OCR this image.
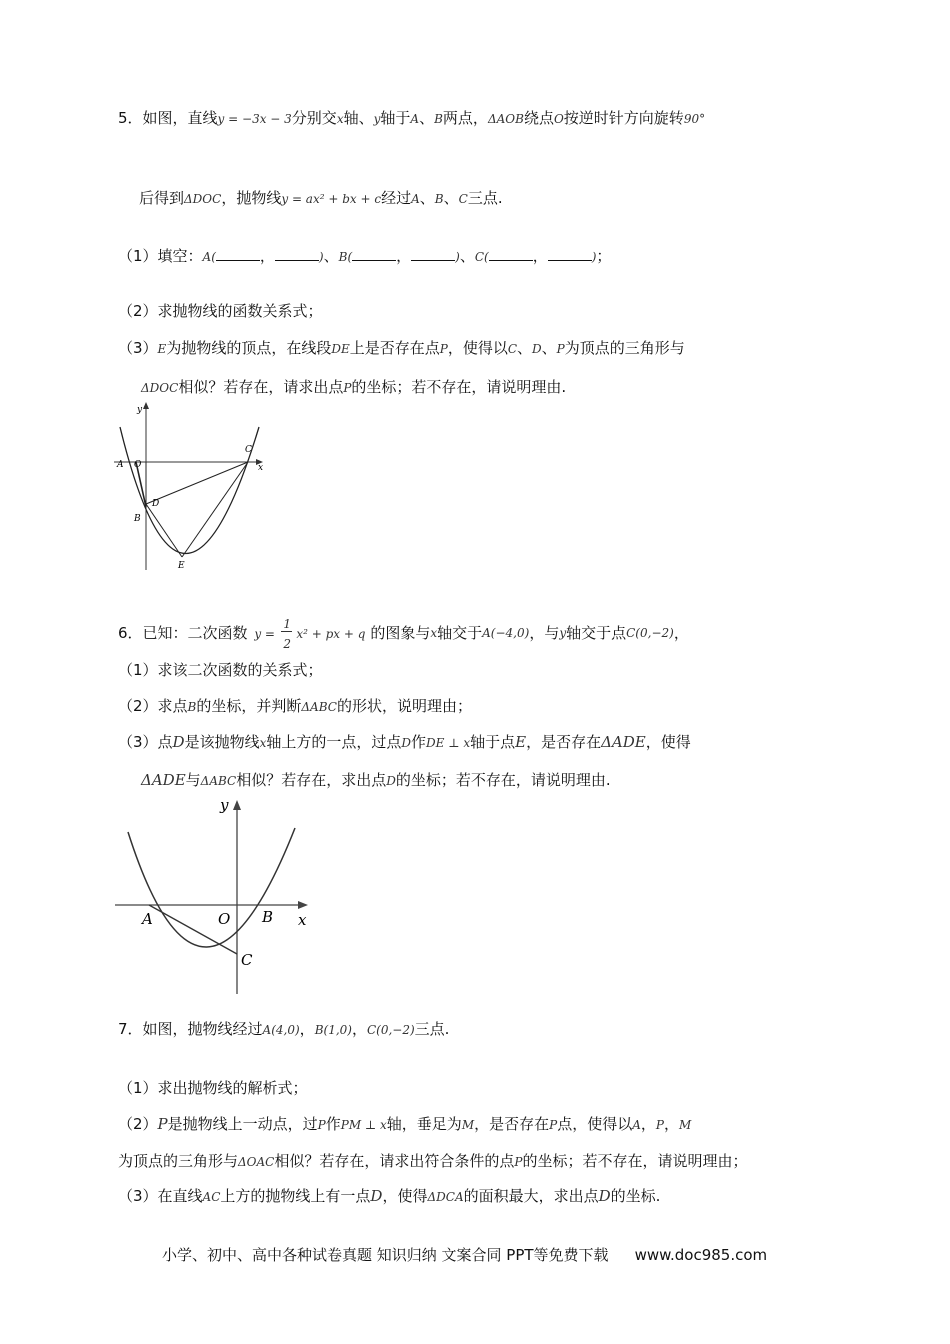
5．如图，直线y = −3x − 3分别交x轴、y轴于A、B两点，ΔAOB绕点O按逆时针方向旋转90°
后得到ΔDOC，抛物线y = ax² + bx + c经过A、B、C三点.
（1）填空：A(	，	)、B(	，	)、C(	，	)；
（2）求抛物线的函数关系式；
（3）E为抛物线的顶点，在线段DE上是否存在点P，使得以C、D、P为顶点的三角形与
ΔDOC相似？若存在，请求出点P的坐标；若不存在，请说明理由.
y
x
A O
C
D
B
E
6．已知：二次函数 y =
1
2
x² + px + q 的图象与$^x$轴交于$^{A(-4,0)}$，与$^y$轴交于点$^{C(0,-2)}$，
（1）求该二次函数的关系式；
（2）求点B的坐标，并判断ΔABC的形状，说明理由；
（3）点D是该抛物线x轴上方的一点，过点D作DE ⊥ x轴于点E，是否存在ΔADE，使得
ΔADE与ΔABC相似？若存在，求出点D的坐标；若不存在，请说明理由.
y
x
A	O B
C
7．如图，抛物线经过A(4,0)，B(1,0)，C(0,−2)三点.
（1）求出抛物线的解析式；
（2）P是抛物线上一动点，过P作PM ⊥ x轴，垂足为M，是否存在P点，使得以A，P，M
为顶点的三角形与ΔOAC相似？若存在，请求出符合条件的点P的坐标；若不存在，请说明理由；
（3）在直线AC上方的抛物线上有一点D，使得ΔDCA的面积最大，求出点D的坐标.
小学、初中、高中各种试卷真题 知识归纳 文案合同 PPT等免费下载 www.doc985.com
